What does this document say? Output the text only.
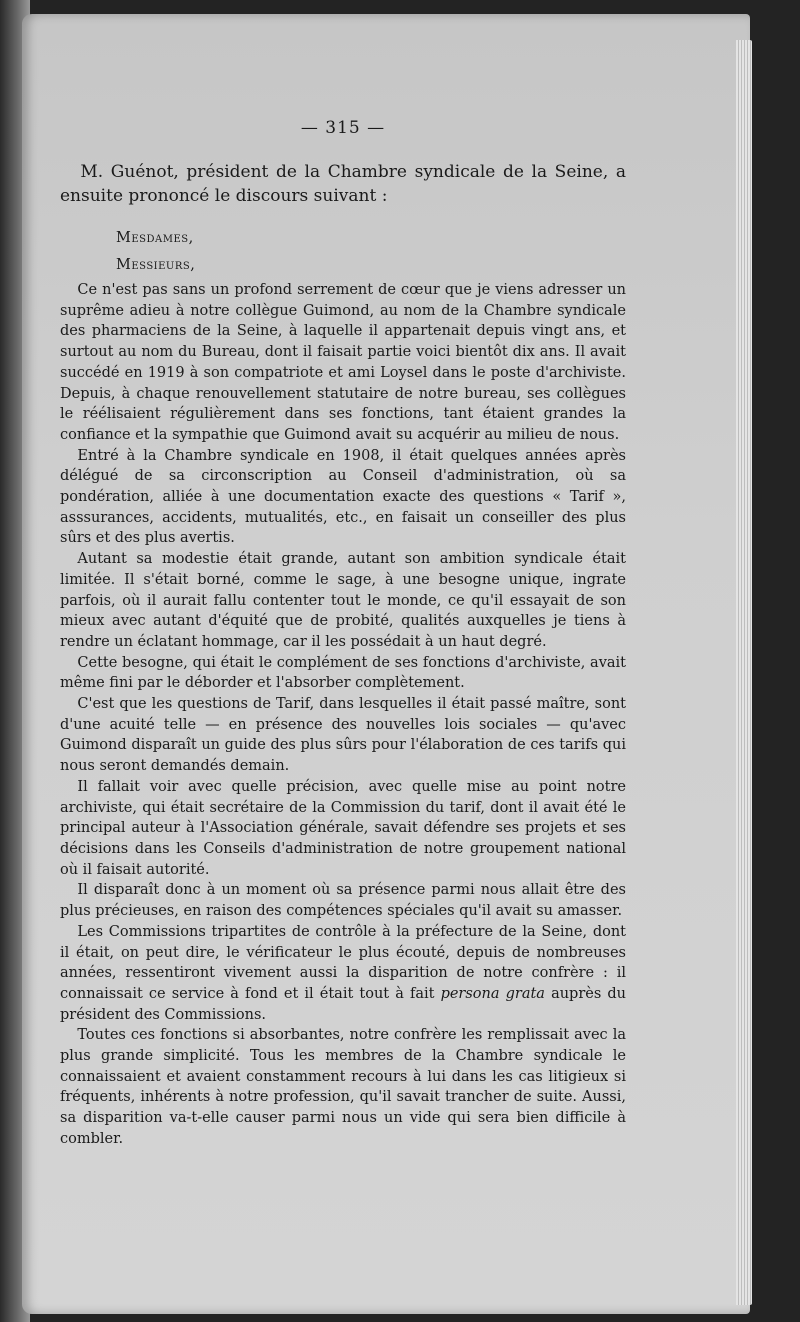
— 315 —

M. Guénot, président de la Chambre syndicale de la Seine, a ensuite prononcé le discours suivant :

Mesdames,
Messieurs,

Ce n'est pas sans un profond serrement de cœur que je viens adresser un suprême adieu à notre collègue Guimond, au nom de la Chambre syndicale des pharmaciens de la Seine, à laquelle il appartenait depuis vingt ans, et surtout au nom du Bureau, dont il faisait partie voici bientôt dix ans. Il avait succédé en 1919 à son compatriote et ami Loysel dans le poste d'archiviste. Depuis, à chaque renouvellement statutaire de notre bureau, ses collègues le réélisaient régulièrement dans ses fonctions, tant étaient grandes la confiance et la sympathie que Guimond avait su acquérir au milieu de nous.

Entré à la Chambre syndicale en 1908, il était quelques années après délégué de sa circonscription au Conseil d'administration, où sa pondération, alliée à une documentation exacte des questions « Tarif », asssurances, accidents, mutualités, etc., en faisait un conseiller des plus sûrs et des plus avertis.

Autant sa modestie était grande, autant son ambition syndicale était limitée. Il s'était borné, comme le sage, à une besogne unique, ingrate parfois, où il aurait fallu contenter tout le monde, ce qu'il essayait de son mieux avec autant d'équité que de probité, qualités auxquelles je tiens à rendre un éclatant hommage, car il les possédait à un haut degré.

Cette besogne, qui était le complément de ses fonctions d'archiviste, avait même fini par le déborder et l'absorber complètement.

C'est que les questions de Tarif, dans lesquelles il était passé maître, sont d'une acuité telle — en présence des nouvelles lois sociales — qu'avec Guimond disparaît un guide des plus sûrs pour l'élaboration de ces tarifs qui nous seront demandés demain.

Il fallait voir avec quelle précision, avec quelle mise au point notre archiviste, qui était secrétaire de la Commission du tarif, dont il avait été le principal auteur à l'Association générale, savait défendre ses projets et ses décisions dans les Conseils d'administration de notre groupement national où il faisait autorité.

Il disparaît donc à un moment où sa présence parmi nous allait être des plus précieuses, en raison des compétences spéciales qu'il avait su amasser.

Les Commissions tripartites de contrôle à la préfecture de la Seine, dont il était, on peut dire, le vérificateur le plus écouté, depuis de nombreuses années, ressentiront vivement aussi la disparition de notre confrère : il connaissait ce service à fond et il était tout à fait persona grata auprès du président des Commissions.

Toutes ces fonctions si absorbantes, notre confrère les remplissait avec la plus grande simplicité. Tous les membres de la Chambre syndicale le connaissaient et avaient constamment recours à lui dans les cas litigieux si fréquents, inhérents à notre profession, qu'il savait trancher de suite. Aussi, sa disparition va-t-elle causer parmi nous un vide qui sera bien difficile à combler.
